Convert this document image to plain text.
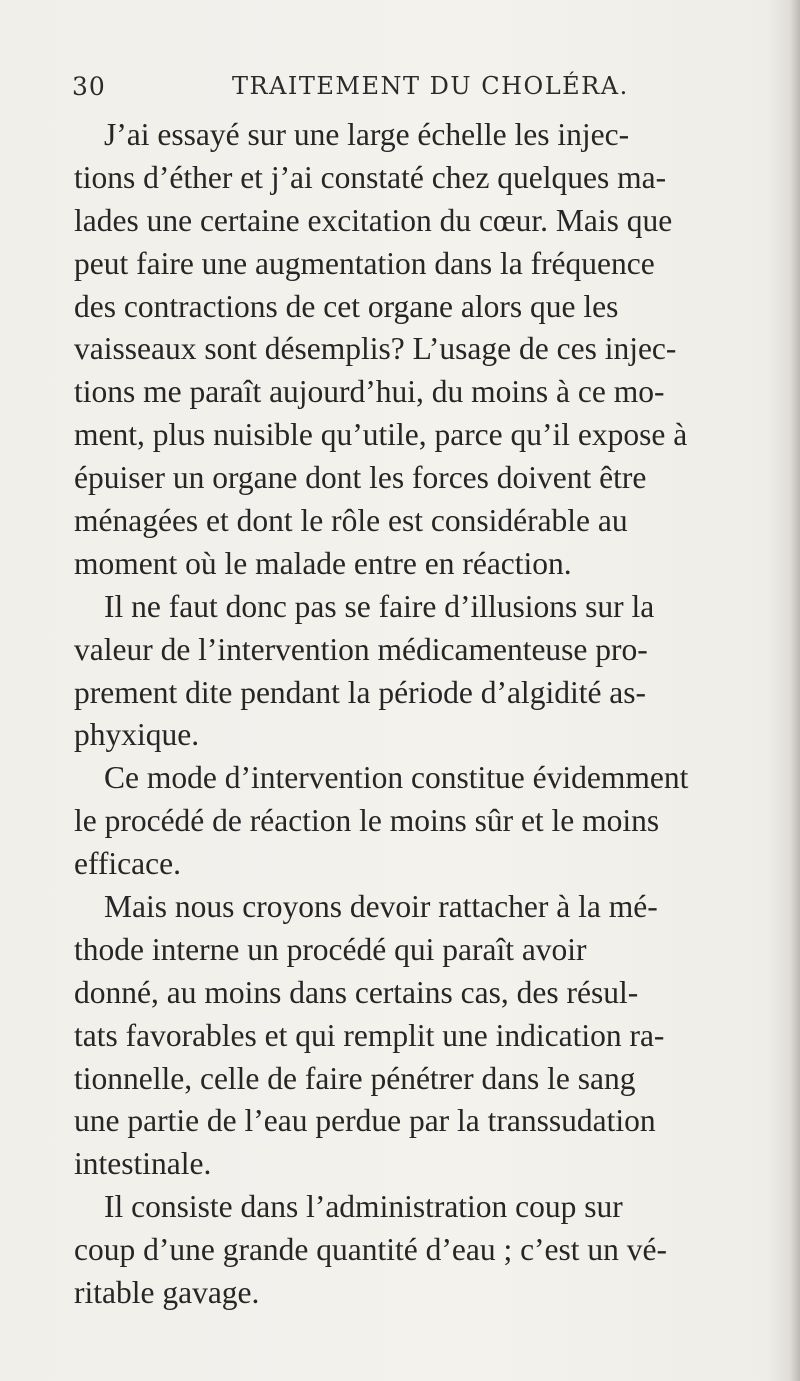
30	TRAITEMENT DU CHOLÉRA.
J’ai essayé sur une large échelle les injec-
tions d’éther et j’ai constaté chez quelques ma-
lades une certaine excitation du cœur. Mais que
peut faire une augmentation dans la fréquence
des contractions de cet organe alors que les
vaisseaux sont désemplis? L’usage de ces injec-
tions me paraît aujourd’hui, du moins à ce mo-
ment, plus nuisible qu’utile, parce qu’il expose à
épuiser un organe dont les forces doivent être
ménagées et dont le rôle est considérable au
moment où le malade entre en réaction.
Il ne faut donc pas se faire d’illusions sur la
valeur de l’intervention médicamenteuse pro-
prement dite pendant la période d’algidité as-
phyxique.
Ce mode d’intervention constitue évidemment
le procédé de réaction le moins sûr et le moins
efficace.
Mais nous croyons devoir rattacher à la mé-
thode interne un procédé qui paraît avoir
donné, au moins dans certains cas, des résul-
tats favorables et qui remplit une indication ra-
tionnelle, celle de faire pénétrer dans le sang
une partie de l’eau perdue par la transsudation
intestinale.
Il consiste dans l’administration coup sur
coup d’une grande quantité d’eau ; c’est un vé-
ritable gavage.
